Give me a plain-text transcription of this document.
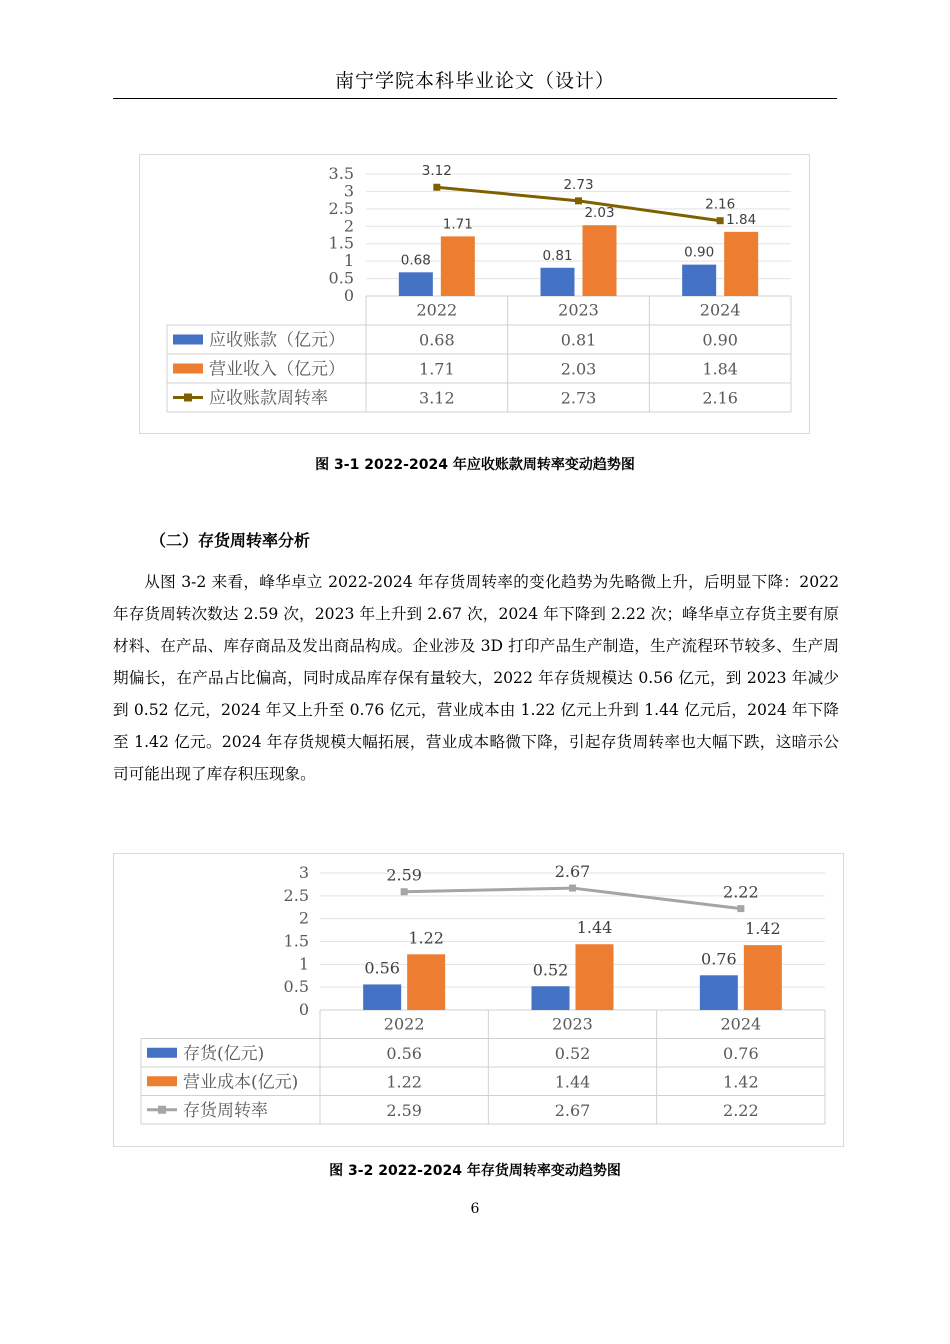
南宁学院本科毕业论文（设计）
3.5
3
2.5
2
1.5
1
0.5
0
2022	2023	2024
0.68	0.81	0.90
1.71
2.03	1.84
3.12
2.73
2.16
应收账款（亿元）	0.68	0.81	0.90
营业收入（亿元）	1.71	2.03	1.84
应收账款周转率	3.12	2.73	2.16
图 3-1 2022-2024 年应收账款周转率变动趋势图
（二）存货周转率分析

从图 3-2 来看，峰华卓立 2022-2024 年存货周转率的变化趋势为先略微上升，后明显下降：2022 年存货周转次数达 2.59 次，2023 年上升到 2.67 次，2024 年下降到 2.22 次；峰华卓立存货主要有原材料、在产品、库存商品及发出商品构成。企业涉及 3D 打印产品生产制造，生产流程环节较多、生产周期偏长，在产品占比偏高，同时成品库存保有量较大，2022 年存货规模达 0.56 亿元，到 2023 年减少到 0.52 亿元，2024 年又上升至 0.76 亿元，营业成本由 1.22 亿元上升到 1.44 亿元后，2024 年下降至 1.42 亿元。2024 年存货规模大幅拓展，营业成本略微下降，引起存货周转率也大幅下跌，这暗示公司可能出现了库存积压现象。

3
2.5
2
1.5
1
0.5
0
2022	2023	2024
0.56	0.52
0.76
1.22
1.44	1.42
2.59	2.67
2.22
存货(亿元)	0.56	0.52	0.76
营业成本(亿元)	1.22	1.44	1.42
存货周转率	2.59	2.67	2.22
图 3-2 2022-2024 年存货周转率变动趋势图
6
